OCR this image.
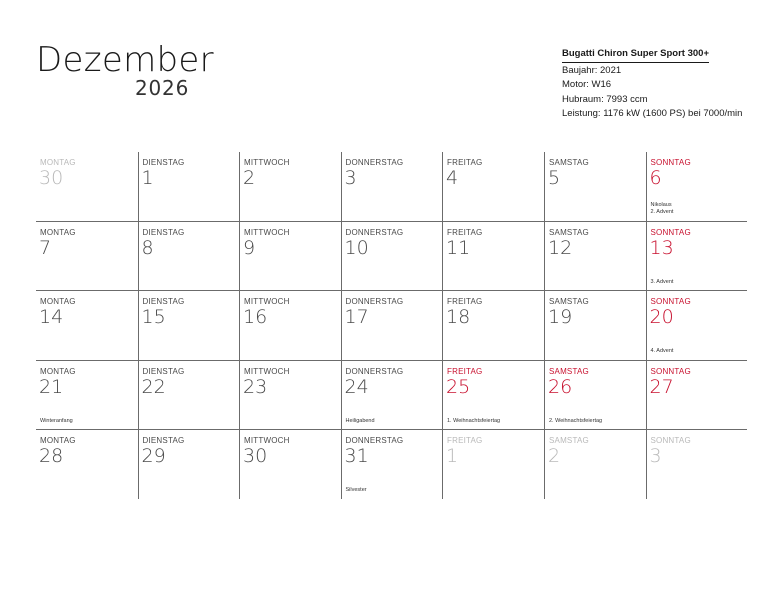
Dezember
2026
Bugatti Chiron Super Sport 300+
Baujahr: 2021
Motor: W16
Hubraum: 7993 ccm
Leistung: 1176 kW (1600 PS) bei 7000/min
MONTAG
30
DIENSTAG
1
MITTWOCH
2
DONNERSTAG
3
FREITAG
4
SAMSTAG
5
SONNTAG
6
Nikolaus
2. Advent
MONTAG
7
DIENSTAG
8
MITTWOCH
9
DONNERSTAG
10
FREITAG
11
SAMSTAG
12
SONNTAG
13
3. Advent
MONTAG
14
DIENSTAG
15
MITTWOCH
16
DONNERSTAG
17
FREITAG
18
SAMSTAG
19
SONNTAG
20
4. Advent
MONTAG
21
Winteranfang
DIENSTAG
22
MITTWOCH
23
DONNERSTAG
24
Heiligabend
FREITAG
25
1. Weihnachtsfeiertag
SAMSTAG
26
2. Weihnachtsfeiertag
SONNTAG
27
MONTAG
28
DIENSTAG
29
MITTWOCH
30
DONNERSTAG
31
Silvester
FREITAG
1
SAMSTAG
2
SONNTAG
3
